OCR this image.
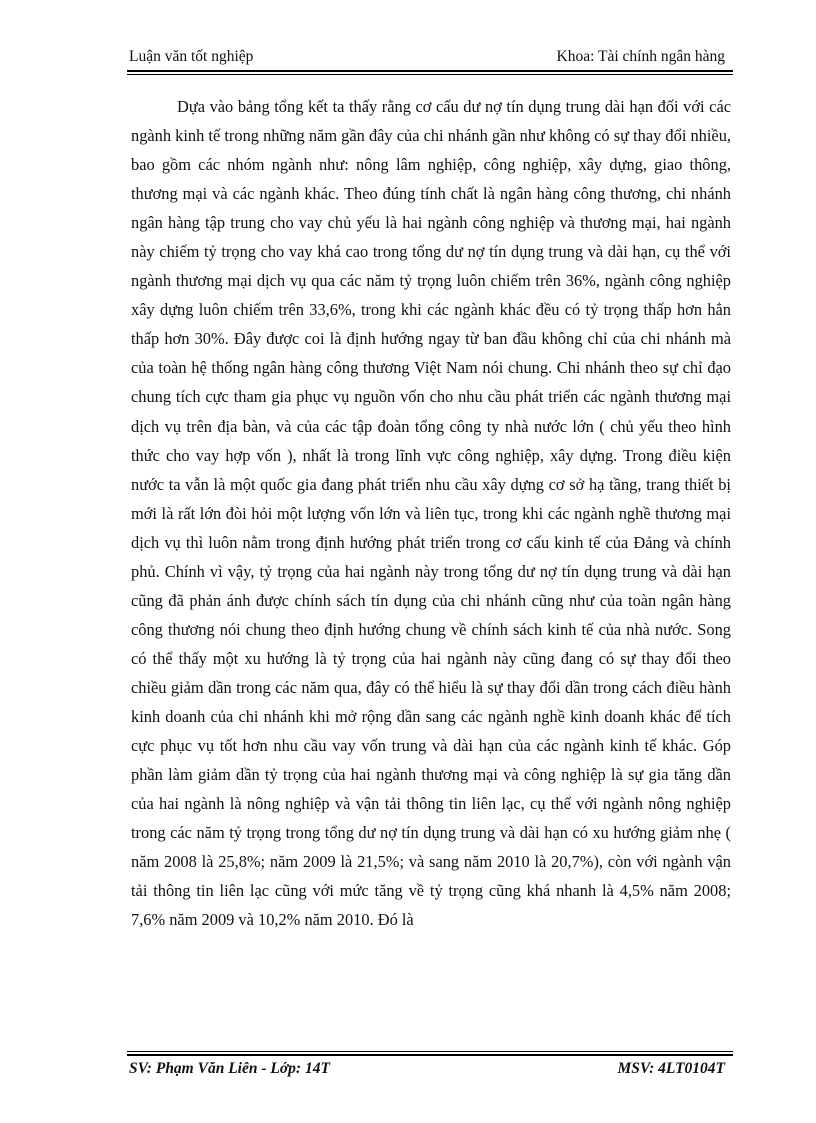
Luận văn tốt nghiệp	Khoa: Tài chính ngân hàng

Dựa vào bảng tổng kết ta thấy rằng cơ cấu dư nợ tín dụng trung dài hạn đối với các ngành kinh tế trong những năm gần đây của chi nhánh gần như không có sự thay đổi nhiều, bao gồm các nhóm ngành như: nông lâm nghiệp, công nghiệp, xây dựng, giao thông, thương mại và các ngành khác. Theo đúng tính chất là ngân hàng công thương, chi nhánh ngân hàng tập trung cho vay chủ yếu là hai ngành công nghiệp và thương mại, hai ngành này chiếm tỷ trọng cho vay khá cao trong tổng dư nợ tín dụng trung và dài hạn, cụ thể với ngành thương mại dịch vụ qua các năm tỷ trọng luôn chiếm trên 36%, ngành công nghiệp xây dựng luôn chiếm trên 33,6%, trong khi các ngành khác đều có tỷ trọng thấp hơn hẳn thấp hơn 30%. Đây được coi là định hướng ngay từ ban đầu không chỉ của chi nhánh mà của toàn hệ thống ngân hàng công thương Việt Nam nói chung. Chi nhánh theo sự chỉ đạo chung tích cực tham gia phục vụ nguồn vốn cho nhu cầu phát triển các ngành thương mại dịch vụ trên địa bàn, và của các tập đoàn tổng công ty nhà nước lớn ( chủ yếu theo hình thức cho vay hợp vốn ), nhất là trong lĩnh vực công nghiệp, xây dựng. Trong điều kiện nước ta vẫn là một quốc gia đang phát triển nhu cầu xây dựng cơ sở hạ tầng, trang thiết bị mới là rất lớn đòi hỏi một lượng vốn lớn và liên tục, trong khi các ngành nghề thương mại dịch vụ thì luôn nằm trong định hướng phát triển trong cơ cấu kinh tế của Đảng và chính phủ. Chính vì vậy, tỷ trọng của hai ngành này trong tổng dư nợ tín dụng trung và dài hạn cũng đã phản ánh được chính sách tín dụng của chi nhánh cũng như của toàn ngân hàng công thương nói chung theo định hướng chung về chính sách kinh tế của nhà nước. Song có thể thấy một xu hướng là tỷ trọng của hai ngành này cũng đang có sự thay đổi theo chiều giảm dần trong các năm qua, đây có thể hiểu là sự thay đổi dần trong cách điều hành kinh doanh của chi nhánh khi mở rộng dần sang các ngành nghề kinh doanh khác để tích cực phục vụ tốt hơn nhu cầu vay vốn trung và dài hạn của các ngành kinh tế khác. Góp phần làm giảm dần tỷ trọng của hai ngành thương mại và công nghiệp là sự gia tăng dần của hai ngành là nông nghiệp và vận tải thông tin liên lạc, cụ thể với ngành nông nghiệp trong các năm tỷ trọng trong tổng dư nợ tín dụng trung và dài hạn có xu hướng giảm nhẹ ( năm 2008 là 25,8%; năm 2009 là 21,5%; và sang năm 2010 là 20,7%), còn với ngành vận tải thông tin liên lạc cũng với mức tăng về tỷ trọng cũng khá nhanh là 4,5% năm 2008; 7,6% năm 2009 và 10,2% năm 2010. Đó là

SV: Phạm Văn Liên - Lớp: 14T	MSV: 4LT0104T
